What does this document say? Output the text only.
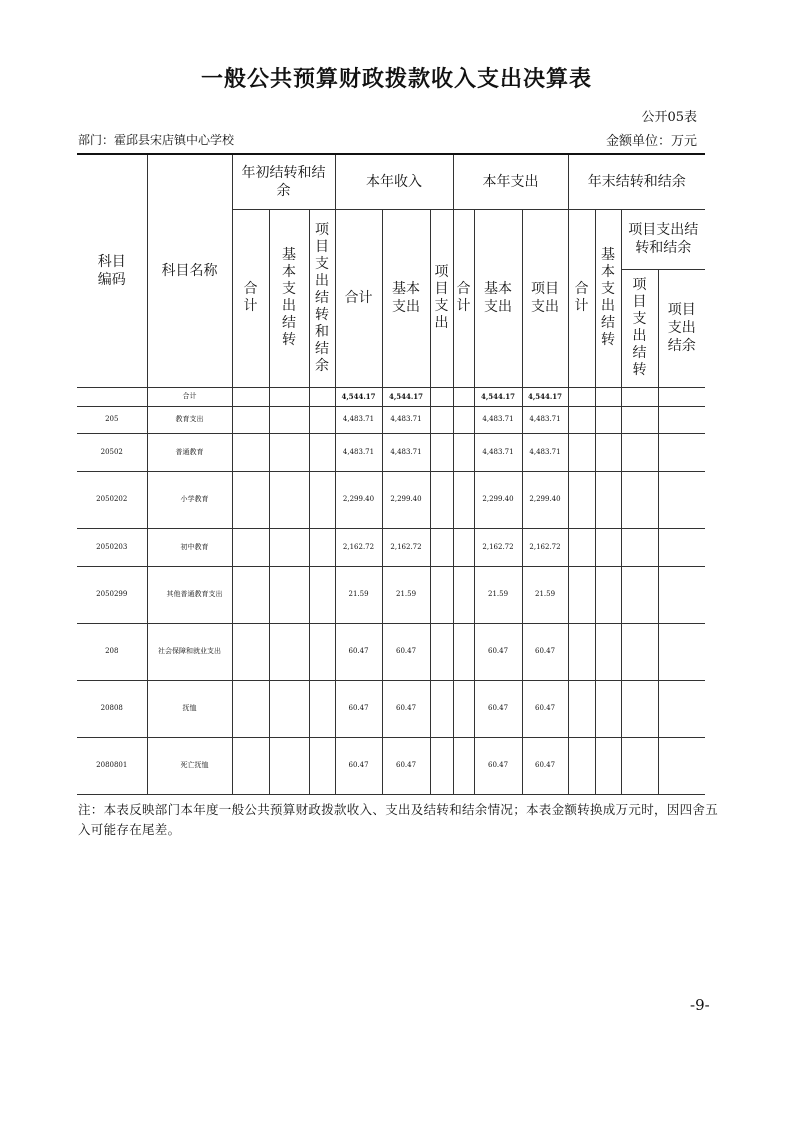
一般公共预算财政拨款收入支出决算表
公开05表
部门：霍邱县宋店镇中心学校	金额单位：万元
科目编码	科目名称	年初结转和结余			本年收入			本年支出			年末结转和结余			
		合计	基本支出结转	项目支出结转和结余	合计	基本支出	项目支出	合计	基本支出	项目支出	合计	基本支出结转	项目支出结转和结余	
													项目支出结转	项目支出结余
	合计				4,544.17	4,544.17			4,544.17	4,544.17				
205	教育支出				4,483.71	4,483.71			4,483.71	4,483.71				
20502	普通教育				4,483.71	4,483.71			4,483.71	4,483.71				
2050202	小学教育				2,299.40	2,299.40			2,299.40	2,299.40				
2050203	初中教育				2,162.72	2,162.72			2,162.72	2,162.72				
2050299	其他普通教育支出				21.59	21.59			21.59	21.59				
208	社会保障和就业支出				60.47	60.47			60.47	60.47				
20808	抚恤				60.47	60.47			60.47	60.47				
2080801	死亡抚恤				60.47	60.47			60.47	60.47				
注：本表反映部门本年度一般公共预算财政拨款收入、支出及结转和结余情况；本表金额转换成万元时，因四舍五入可能存在尾差。
-9-
